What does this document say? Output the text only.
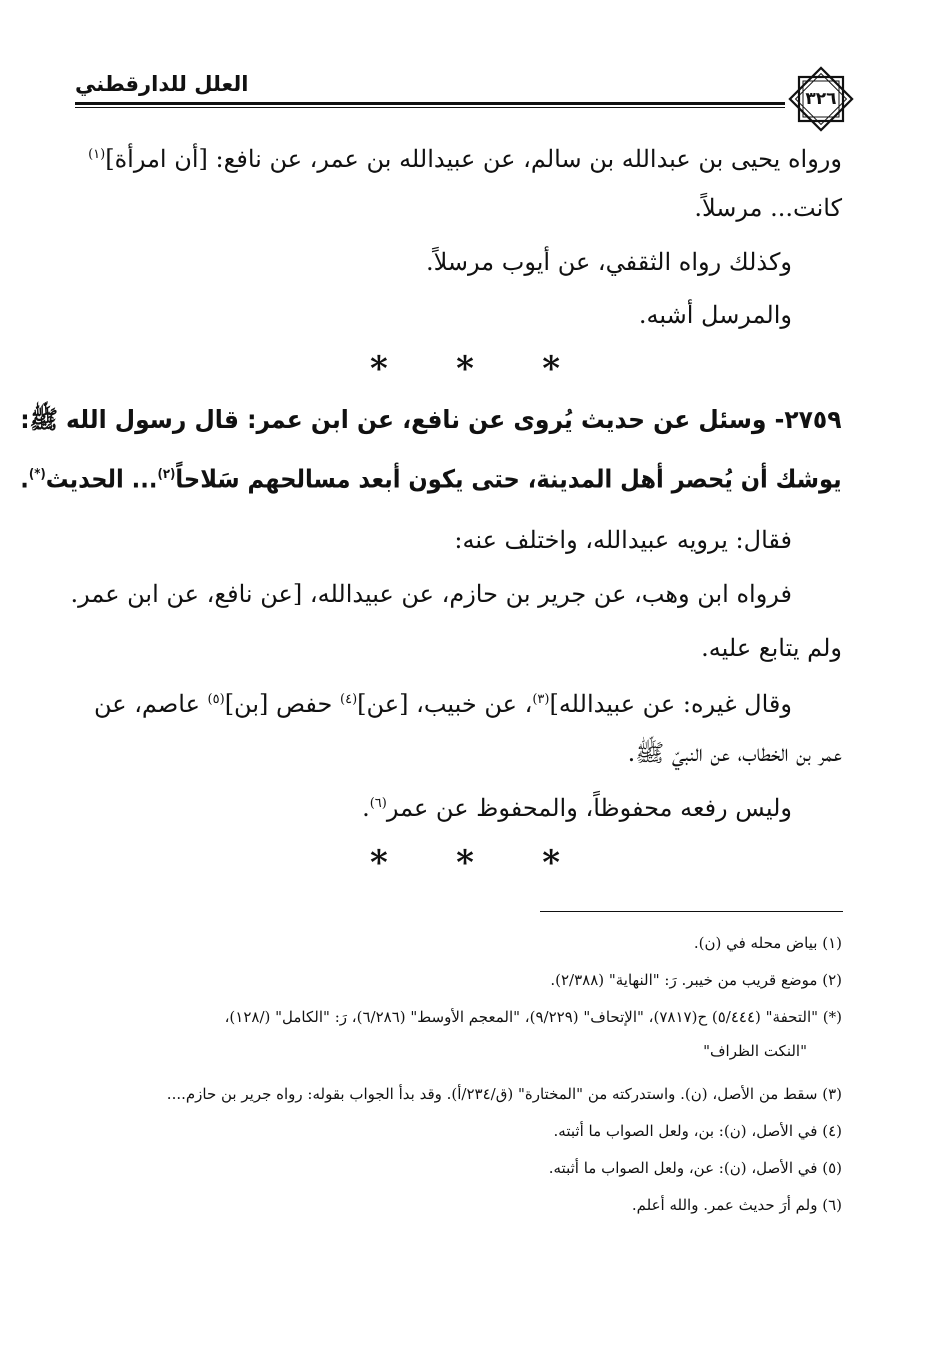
العلل للدارقطني
٣٢٦
ورواه يحيى بن عبدالله بن سالم، عن عبيدالله بن عمر، عن نافع: [أن امرأة]$^{(١)}$
كانت... مرسلاً.
وكذلك رواه الثقفي، عن أيوب مرسلاً.
والمرسل أشبه.
* * *
٢٧٥٩- وسئل عن حديث يُروى عن نافع، عن ابن عمر: قال رسول الله ﷺ:
يوشك أن يُحصر أهل المدينة، حتى يكون أبعد مسالحهم سَلاحاً$^{(٢)}$... الحديث(*).
فقال: يرويه عبيدالله، واختلف عنه:
فرواه ابن وهب، عن جرير بن حازم، عن عبيدالله، [عن نافع، عن ابن عمر.
ولم يتابع عليه.
وقال غيره: عن عبيدالله]$^{(٣)}$، عن خبيب، [عن]$^{(٤)}$ حفص [بن]$^{(٥)}$ عاصم، عن
عمر بن الخطاب، عن النبيّ ﷺ.
وليس رفعه محفوظاً، والمحفوظ عن عمر$^{(٦)}$.
* * *
(١) بياض محله في (ن).
(٢) موضع قريب من خيبر. رَ: "النهاية" (٢/٣٨٨).
(*) "التحفة" (٥/٤٤٤) ح(٧٨١٧)، "الإتحاف" (٩/٢٢٩)، "المعجم الأوسط" (٦/٢٨٦)، رَ: "الكامل" (/١٢٨)،
"النكت الظراف"
(٣) سقط من الأصل، (ن). واستدركته من "المختارة" (ق/٢٣٤/أ). وقد بدأ الجواب بقوله: رواه جرير بن حازم....
(٤) في الأصل، (ن): بن، ولعل الصواب ما أثبته.
(٥) في الأصل، (ن): عن، ولعل الصواب ما أثبته.
(٦) ولم أرَ حديث عمر. والله أعلم.
